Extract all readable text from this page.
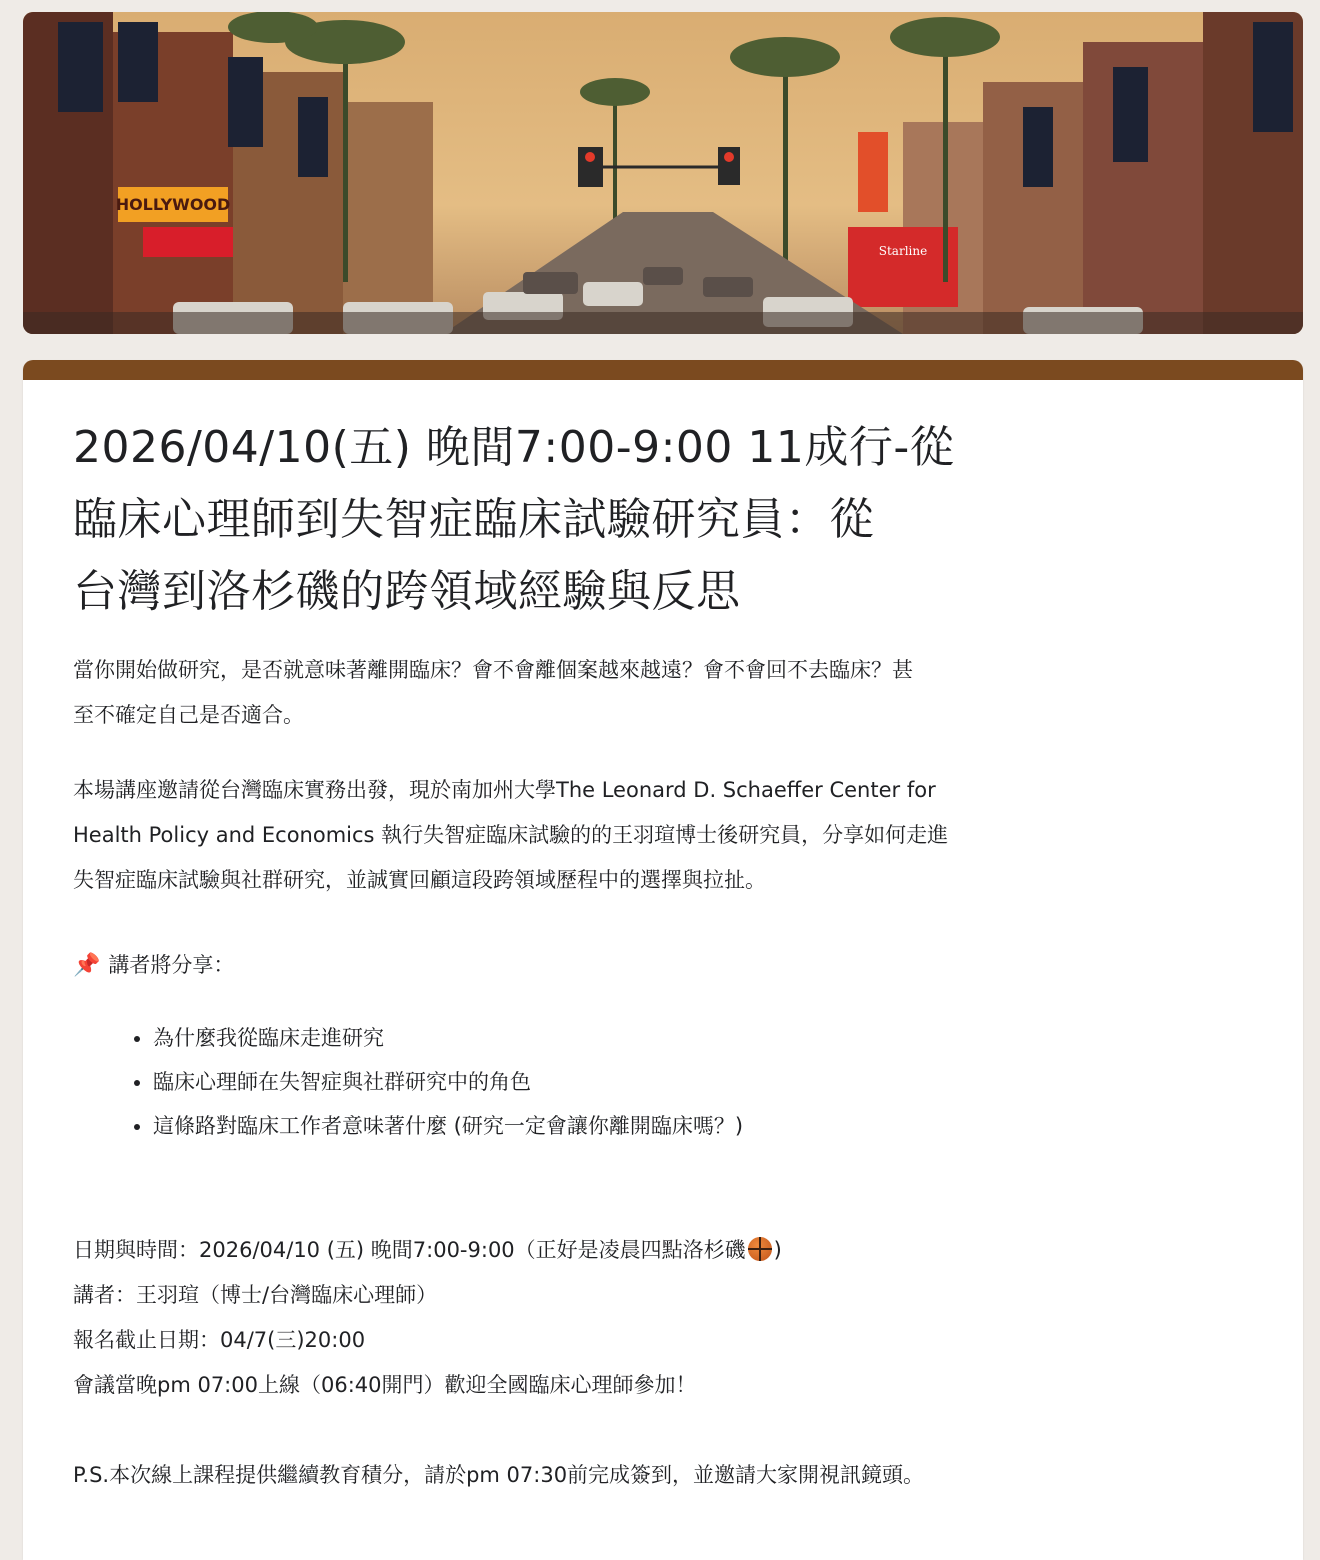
HOLLYWOOD
Starline
2026/04/10(五) 晚間7:00-9:00 11成行-從
臨床心理師到失智症臨床試驗研究員：從
台灣到洛杉磯的跨領域經驗與反思

當你開始做研究，是否就意味著離開臨床？會不會離個案越來越遠？會不會回不去臨床？甚
至不確定自己是否適合。

本場講座邀請從台灣臨床實務出發，現於南加州大學The Leonard D. Schaeffer Center for
Health Policy and Economics 執行失智症臨床試驗的的王羽瑄博士後研究員，分享如何走進
失智症臨床試驗與社群研究，並誠實回顧這段跨領域歷程中的選擇與拉扯。

📌 講者將分享：
• 為什麼我從臨床走進研究
• 臨床心理師在失智症與社群研究中的角色
• 這條路對臨床工作者意味著什麼 (研究一定會讓你離開臨床嗎？)
日期與時間：2026/04/10 (五) 晚間7:00-9:00（正好是凌晨四點洛杉磯 )
講者：王羽瑄（博士/台灣臨床心理師）
報名截止日期：04/7(三)20:00
會議當晚pm 07:00上線（06:40開門）歡迎全國臨床心理師參加！
P.S.本次線上課程提供繼續教育積分，請於pm 07:30前完成簽到，並邀請大家開視訊鏡頭。
